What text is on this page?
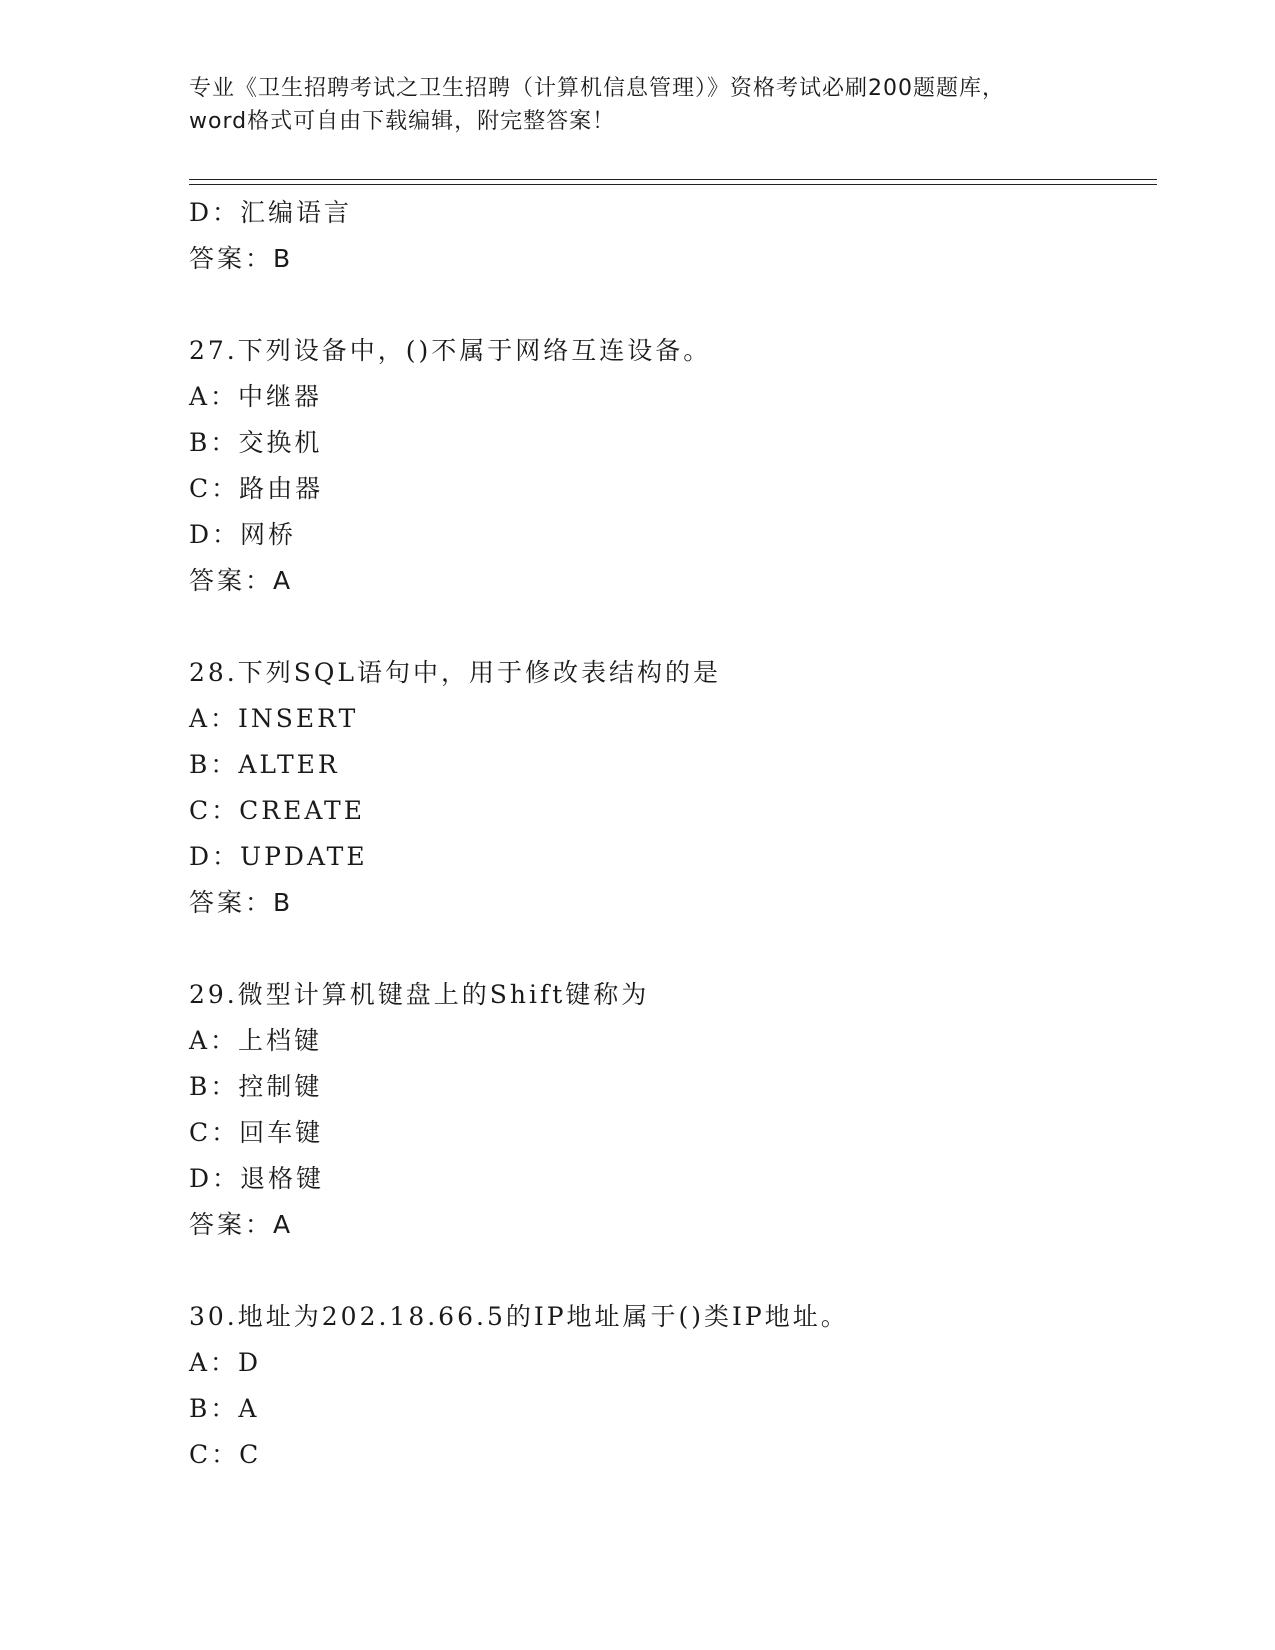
专业《卫生招聘考试之卫生招聘（计算机信息管理）》资格考试必刷200题题库，
word格式可自由下载编辑，附完整答案！
D：汇编语言
答案：B
27.下列设备中，()不属于网络互连设备。
A：中继器
B：交换机
C：路由器
D：网桥
答案：A
28.下列SQL语句中，用于修改表结构的是
A：INSERT
B：ALTER
C：CREATE
D：UPDATE
答案：B
29.微型计算机键盘上的Shift键称为
A：上档键
B：控制键
C：回车键
D：退格键
答案：A
30.地址为202.18.66.5的IP地址属于()类IP地址。
A：D
B：A
C：C
